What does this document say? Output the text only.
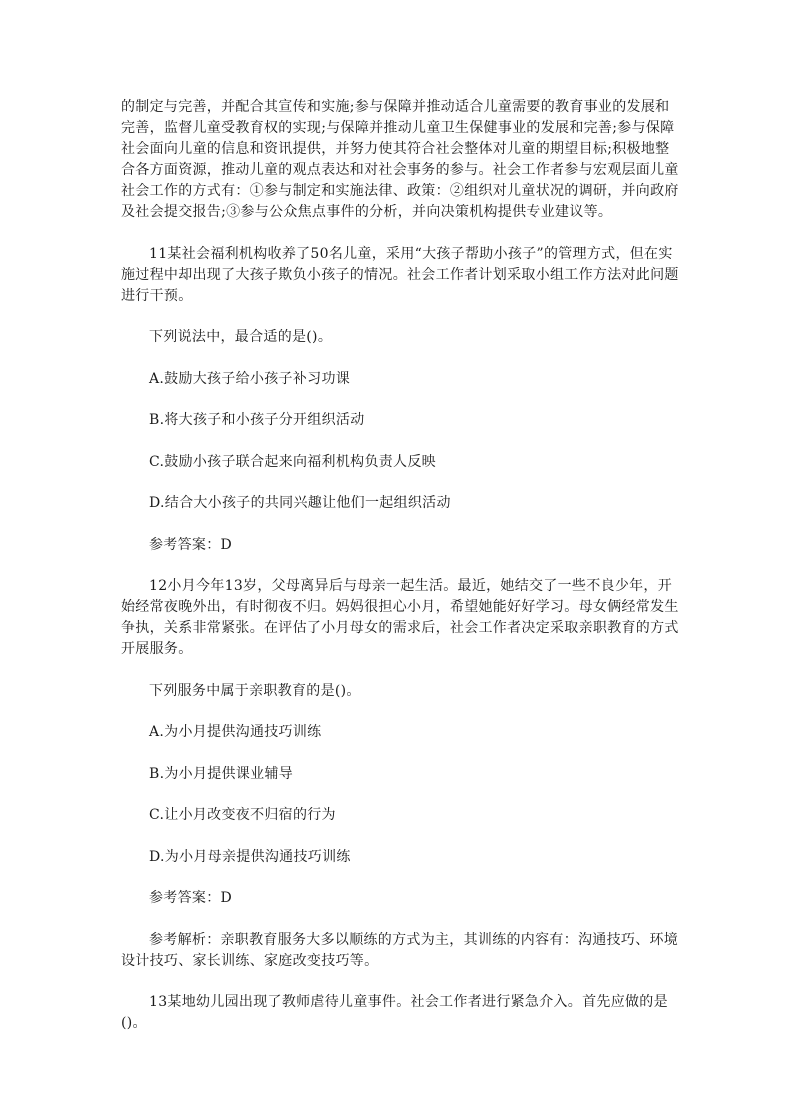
的制定与完善，并配合其宣传和实施;参与保障并推动适合儿童需要的教育事业的发展和完善，监督儿童受教育权的实现;与保障并推动儿童卫生保健事业的发展和完善;参与保障社会面向儿童的信息和资讯提供，并努力使其符合社会整体对儿童的期望目标;积极地整合各方面资源，推动儿童的观点表达和对社会事务的参与。社会工作者参与宏观层面儿童社会工作的方式有：①参与制定和实施法律、政策：②组织对儿童状况的调研，并向政府及社会提交报告;③参与公众焦点事件的分析，并向决策机构提供专业建议等。

11某社会福利机构收养了50名儿童，采用“大孩子帮助小孩子”的管理方式，但在实施过程中却出现了大孩子欺负小孩子的情况。社会工作者计划采取小组工作方法对此问题进行干预。

下列说法中，最合适的是()。

A.鼓励大孩子给小孩子补习功课

B.将大孩子和小孩子分开组织活动

C.鼓励小孩子联合起来向福利机构负责人反映

D.结合大小孩子的共同兴趣让他们一起组织活动

参考答案：D

12小月今年13岁，父母离异后与母亲一起生活。最近，她结交了一些不良少年，开始经常夜晚外出，有时彻夜不归。妈妈很担心小月，希望她能好好学习。母女俩经常发生争执，关系非常紧张。在评估了小月母女的需求后，社会工作者决定采取亲职教育的方式开展服务。

下列服务中属于亲职教育的是()。

A.为小月提供沟通技巧训练

B.为小月提供课业辅导

C.让小月改变夜不归宿的行为

D.为小月母亲提供沟通技巧训练

参考答案：D

参考解析：亲职教育服务大多以顺练的方式为主，其训练的内容有：沟通技巧、环境设计技巧、家长训练、家庭改变技巧等。

13某地幼儿园出现了教师虐待儿童事件。社会工作者进行紧急介入。首先应做的是()。
